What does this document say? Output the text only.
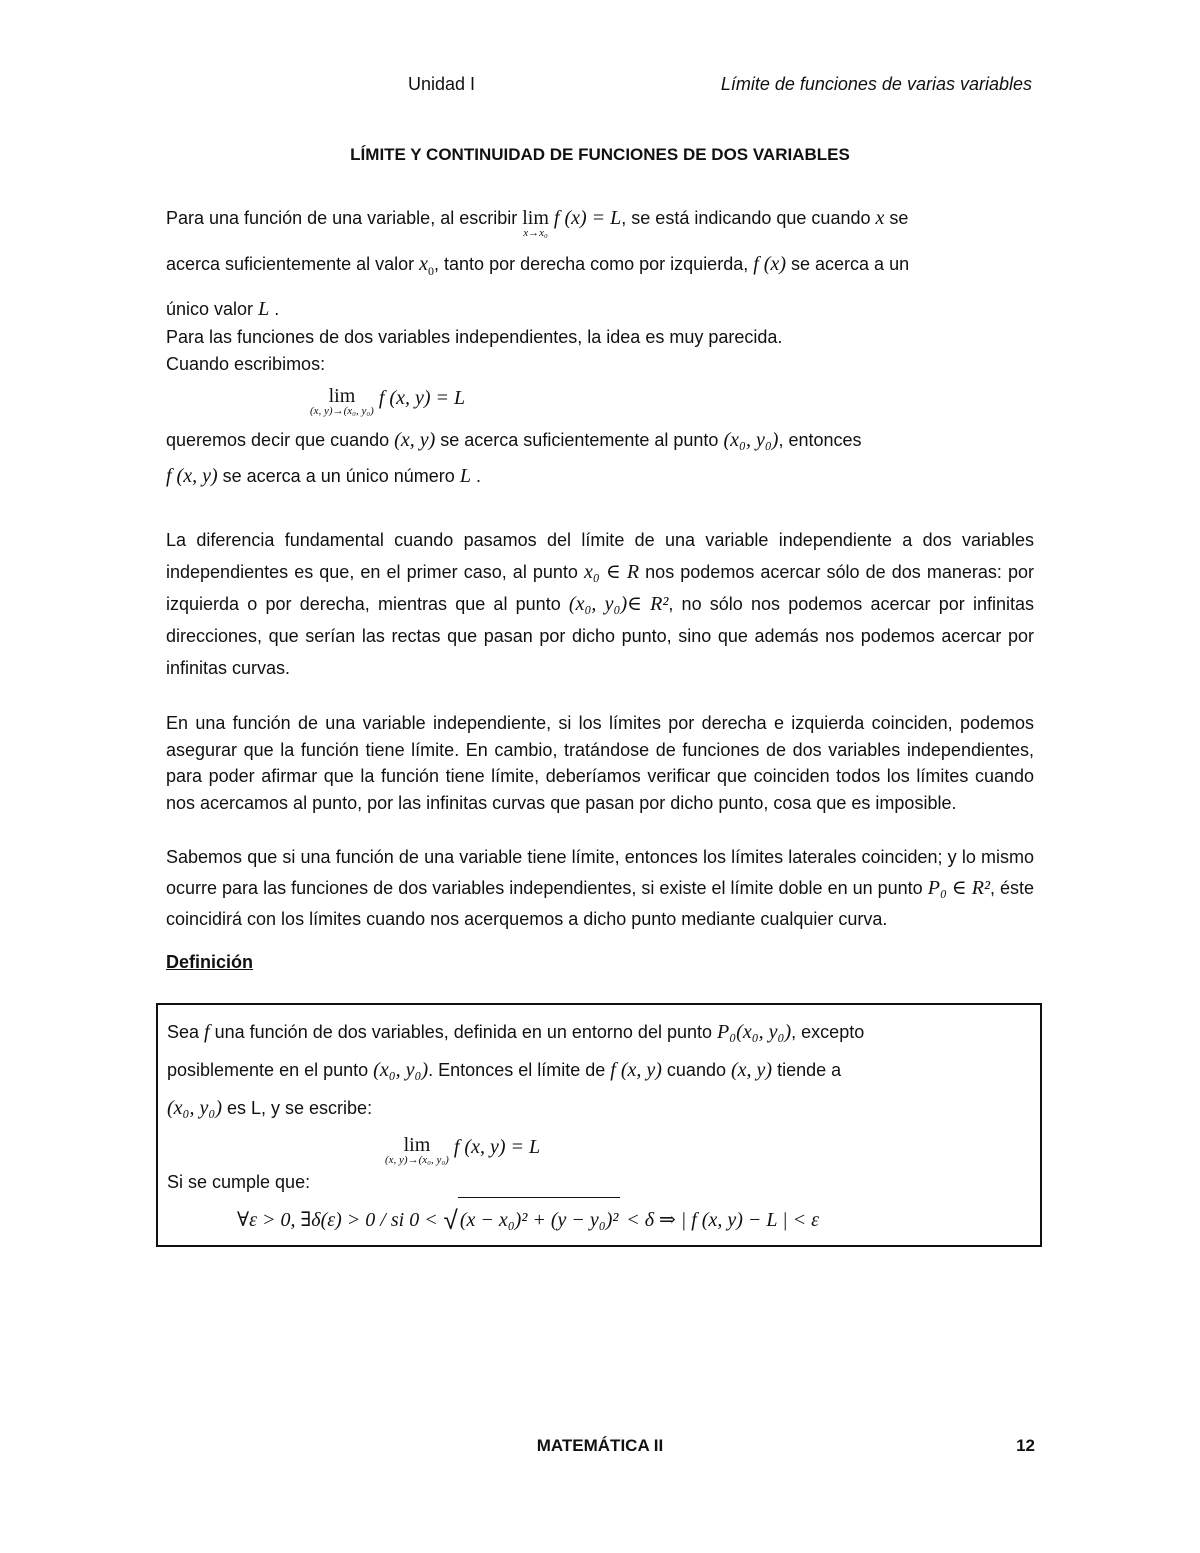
Unidad I	Límite de funciones de varias variables
LÍMITE Y CONTINUIDAD DE FUNCIONES DE DOS VARIABLES

Para una función de una variable, al escribir lim
x→x₀
f (x) = L, se está indicando que cuando x se
acerca suficientemente al valor $x_0$, tanto por derecha como por izquierda, f (x) se acerca a un

único valor L .

Para las funciones de dos variables independientes, la idea es muy parecida.

Cuando escribimos:

lim
(x, y)→(x₀, y₀)
f (x, y) = L

queremos decir que cuando (x, y) se acerca suficientemente al punto (x₀, y₀), entonces
f (x, y) se acerca a un único número L .

La diferencia fundamental cuando pasamos del límite de una variable independiente a dos variables independientes es que, en el primer caso, al punto x₀ ∈ R nos podemos acercar sólo de dos maneras: por izquierda o por derecha, mientras que al punto (x₀, y₀)∈ R², no sólo nos podemos acercar por infinitas direcciones, que serían las rectas que pasan por dicho punto, sino que además nos podemos acercar por infinitas curvas.

En una función de una variable independiente, si los límites por derecha e izquierda coinciden, podemos asegurar que la función tiene límite. En cambio, tratándose de funciones de dos variables independientes, para poder afirmar que la función tiene límite, deberíamos verificar que coinciden todos los límites cuando nos acercamos al punto, por las infinitas curvas que pasan por dicho punto, cosa que es imposible.

Sabemos que si una función de una variable tiene límite, entonces los límites laterales coinciden; y lo mismo ocurre para las funciones de dos variables independientes, si existe el límite doble en un punto P₀ ∈ R², éste coincidirá con los límites cuando nos acerquemos a dicho punto mediante cualquier curva.

Definición

Sea f una función de dos variables, definida en un entorno del punto P₀(x₀, y₀), excepto

posiblemente en el punto (x₀, y₀). Entonces el límite de f (x, y) cuando (x, y) tiende a

(x₀, y₀) es L, y se escribe:

lim
(x, y)→(x₀, y₀)
f (x, y) = L

Si se cumple que:

∀ε > 0, ∃δ(ε) > 0 / si 0 < √ (x − x₀)² + (y − y₀)² < δ ⇒ | f (x, y) − L | < ε

MATEMÁTICA II	12
